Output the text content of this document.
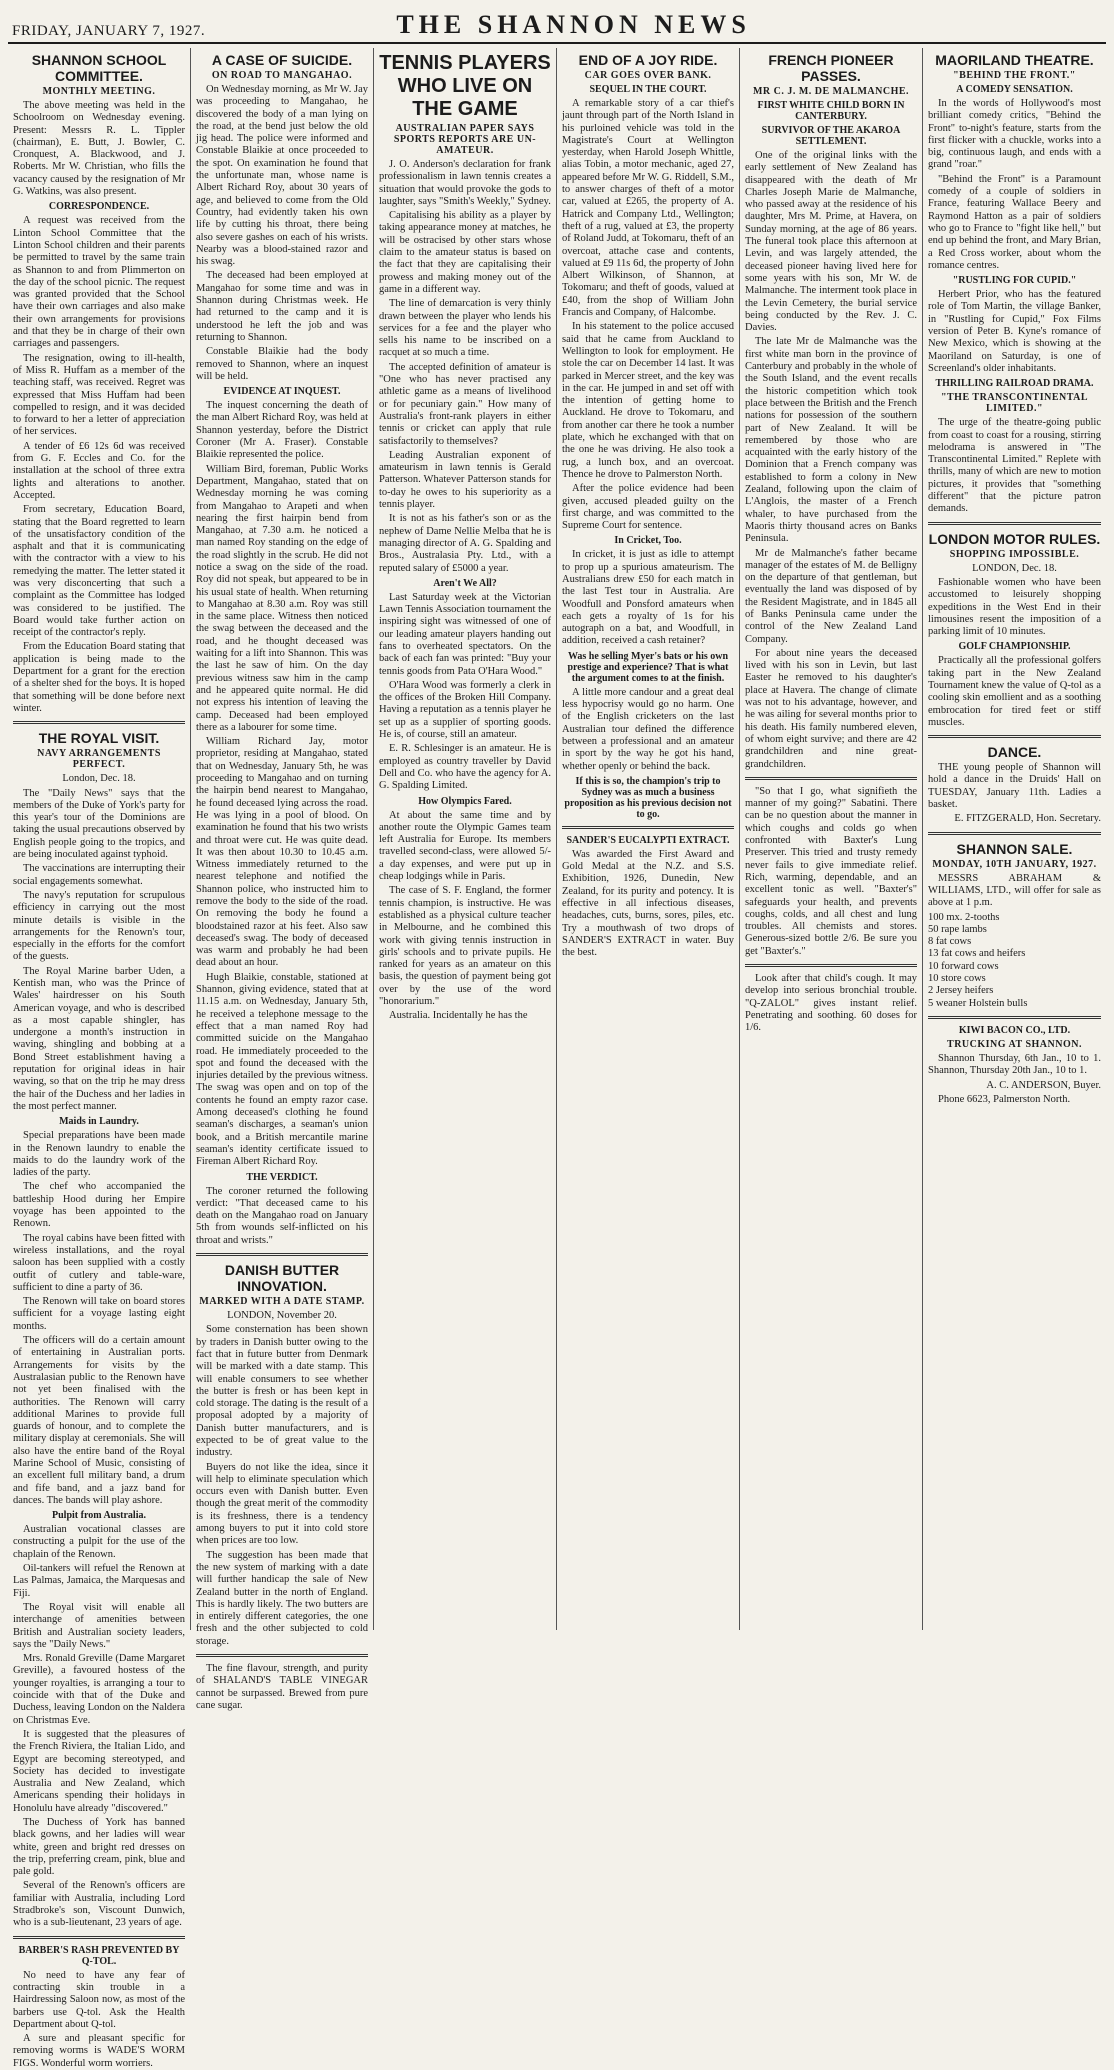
FRIDAY, JANUARY 7, 1927.	THE SHANNON NEWS
SHANNON SCHOOL COMMITTEE.
MONTHLY MEETING.

The above meeting was held in the Schoolroom on Wednesday evening. Present: Messrs R. L. Tippler (chairman), E. Butt, J. Bowler, C. Cronquest, A. Blackwood, and J. Roberts. Mr W. Christian, who fills the vacancy caused by the resignation of Mr G. Watkins, was also present.

CORRESPONDENCE.

A request was received from the Linton School Committee that the Linton School children and their parents be permitted to travel by the same train as Shannon to and from Plimmerton on the day of the school picnic. The request was granted provided that the School have their own carriages and also make their own arrangements for provisions and that they be in charge of their own carriages and passengers.

The resignation, owing to ill-health, of Miss R. Huffam as a member of the teaching staff, was received. Regret was expressed that Miss Huffam had been compelled to resign, and it was decided to forward to her a letter of appreciation of her services.

A tender of £6 12s 6d was received from G. F. Eccles and Co. for the installation at the school of three extra lights and alterations to another. Accepted.

From secretary, Education Board, stating that the Board regretted to learn of the unsatisfactory condition of the asphalt and that it is communicating with the contractor with a view to his remedying the matter. The letter stated it was very disconcerting that such a complaint as the Committee has lodged was considered to be justified. The Board would take further action on receipt of the contractor's reply.

From the Education Board stating that application is being made to the Department for a grant for the erection of a shelter shed for the boys. It is hoped that something will be done before next winter.

THE ROYAL VISIT.
NAVY ARRANGEMENTS PERFECT.

London, Dec. 18.

The "Daily News" says that the members of the Duke of York's party for this year's tour of the Dominions are taking the usual precautions observed by English people going to the tropics, and are being inoculated against typhoid.

The vaccinations are interrupting their social engagements somewhat.

The navy's reputation for scrupulous efficiency in carrying out the most minute details is visible in the arrangements for the Renown's tour, especially in the efforts for the comfort of the guests.

The Royal Marine barber Uden, a Kentish man, who was the Prince of Wales' hairdresser on his South American voyage, and who is described as a most capable shingler, has undergone a month's instruction in waving, shingling and bobbing at a Bond Street establishment having a reputation for original ideas in hair waving, so that on the trip he may dress the hair of the Duchess and her ladies in the most perfect manner.

Maids in Laundry.

Special preparations have been made in the Renown laundry to enable the maids to do the laundry work of the ladies of the party.

The chef who accompanied the battleship Hood during her Empire voyage has been appointed to the Renown.

The royal cabins have been fitted with wireless installations, and the royal saloon has been supplied with a costly outfit of cutlery and table-ware, sufficient to dine a party of 36.

The Renown will take on board stores sufficient for a voyage lasting eight months.

The officers will do a certain amount of entertaining in Australian ports. Arrangements for visits by the Australasian public to the Renown have not yet been finalised with the authorities. The Renown will carry additional Marines to provide full guards of honour, and to complete the military display at ceremonials. She will also have the entire band of the Royal Marine School of Music, consisting of an excellent full military band, a drum and fife band, and a jazz band for dances. The bands will play ashore.

Pulpit from Australia.

Australian vocational classes are constructing a pulpit for the use of the chaplain of the Renown.

Oil-tankers will refuel the Renown at Las Palmas, Jamaica, the Marquesas and Fiji.

The Royal visit will enable all interchange of amenities between British and Australian society leaders, says the "Daily News."

Mrs. Ronald Greville (Dame Margaret Greville), a favoured hostess of the younger royalties, is arranging a tour to coincide with that of the Duke and Duchess, leaving London on the Naldera on Christmas Eve.

It is suggested that the pleasures of the French Riviera, the Italian Lido, and Egypt are becoming stereotyped, and Society has decided to investigate Australia and New Zealand, which Americans spending their holidays in Honolulu have already "discovered."

The Duchess of York has banned black gowns, and her ladies will wear white, green and bright red dresses on the trip, preferring cream, pink, blue and pale gold.

Several of the Renown's officers are familiar with Australia, including Lord Stradbroke's son, Viscount Dunwich, who is a sub-lieutenant, 23 years of age.

BARBER'S RASH PREVENTED BY Q-TOL.

No need to have any fear of contracting skin trouble in a Hairdressing Saloon now, as most of the barbers use Q-tol. Ask the Health Department about Q-tol.

A sure and pleasant specific for removing worms is WADE'S WORM FIGS. Wonderful worm worriers.

A CASE OF SUICIDE.
ON ROAD TO MANGAHAO.

On Wednesday morning, as Mr W. Jay was proceeding to Mangahao, he discovered the body of a man lying on the road, at the bend just below the old jig head. The police were informed and Constable Blaikie at once proceeded to the spot. On examination he found that the unfortunate man, whose name is Albert Richard Roy, about 30 years of age, and believed to come from the Old Country, had evidently taken his own life by cutting his throat, there being also severe gashes on each of his wrists. Nearby was a blood-stained razor and his swag.

The deceased had been employed at Mangahao for some time and was in Shannon during Christmas week. He had returned to the camp and it is understood he left the job and was returning to Shannon.

Constable Blaikie had the body removed to Shannon, where an inquest will be held.

EVIDENCE AT INQUEST.

The inquest concerning the death of the man Albert Richard Roy, was held at Shannon yesterday, before the District Coroner (Mr A. Fraser). Constable Blaikie represented the police.

William Bird, foreman, Public Works Department, Mangahao, stated that on Wednesday morning he was coming from Mangahao to Arapeti and when nearing the first hairpin bend from Mangahao, at 7.30 a.m. he noticed a man named Roy standing on the edge of the road slightly in the scrub. He did not notice a swag on the side of the road. Roy did not speak, but appeared to be in his usual state of health. When returning to Mangahao at 8.30 a.m. Roy was still in the same place. Witness then noticed the swag between the deceased and the road, and he thought deceased was waiting for a lift into Shannon. This was the last he saw of him. On the day previous witness saw him in the camp and he appeared quite normal. He did not express his intention of leaving the camp. Deceased had been employed there as a labourer for some time.

William Richard Jay, motor proprietor, residing at Mangahao, stated that on Wednesday, January 5th, he was proceeding to Mangahao and on turning the hairpin bend nearest to Mangahao, he found deceased lying across the road. He was lying in a pool of blood. On examination he found that his two wrists and throat were cut. He was quite dead. It was then about 10.30 to 10.45 a.m. Witness immediately returned to the nearest telephone and notified the Shannon police, who instructed him to remove the body to the side of the road. On removing the body he found a bloodstained razor at his feet. Also saw deceased's swag. The body of deceased was warm and probably he had been dead about an hour.

Hugh Blaikie, constable, stationed at Shannon, giving evidence, stated that at 11.15 a.m. on Wednesday, January 5th, he received a telephone message to the effect that a man named Roy had committed suicide on the Mangahao road. He immediately proceeded to the spot and found the deceased with the injuries detailed by the previous witness. The swag was open and on top of the contents he found an empty razor case. Among deceased's clothing he found seaman's discharges, a seaman's union book, and a British mercantile marine seaman's identity certificate issued to Fireman Albert Richard Roy.

THE VERDICT.

The coroner returned the following verdict: "That deceased came to his death on the Mangahao road on January 5th from wounds self-inflicted on his throat and wrists."

DANISH BUTTER INNOVATION.
MARKED WITH A DATE STAMP.

LONDON, November 20.

Some consternation has been shown by traders in Danish butter owing to the fact that in future butter from Denmark will be marked with a date stamp. This will enable consumers to see whether the butter is fresh or has been kept in cold storage. The dating is the result of a proposal adopted by a majority of Danish butter manufacturers, and is expected to be of great value to the industry.

Buyers do not like the idea, since it will help to eliminate speculation which occurs even with Danish butter. Even though the great merit of the commodity is its freshness, there is a tendency among buyers to put it into cold store when prices are too low.

The suggestion has been made that the new system of marking with a date will further handicap the sale of New Zealand butter in the north of England. This is hardly likely. The two butters are in entirely different categories, the one fresh and the other subjected to cold storage.

The fine flavour, strength, and purity of SHALAND'S TABLE VINEGAR cannot be surpassed. Brewed from pure cane sugar.

TENNIS PLAYERS WHO LIVE ON THE GAME
AUSTRALIAN PAPER SAYS SPORTS REPORTS ARE UN-AMATEUR.

J. O. Anderson's declaration for frank professionalism in lawn tennis creates a situation that would provoke the gods to laughter, says "Smith's Weekly," Sydney.

Capitalising his ability as a player by taking appearance money at matches, he will be ostracised by other stars whose claim to the amateur status is based on the fact that they are capitalising their prowess and making money out of the game in a different way.

The line of demarcation is very thinly drawn between the player who lends his services for a fee and the player who sells his name to be inscribed on a racquet at so much a time.

The accepted definition of amateur is "One who has never practised any athletic game as a means of livelihood or for pecuniary gain." How many of Australia's front-rank players in either tennis or cricket can apply that rule satisfactorily to themselves?

Leading Australian exponent of amateurism in lawn tennis is Gerald Patterson. Whatever Patterson stands for to-day he owes to his superiority as a tennis player.

It is not as his father's son or as the nephew of Dame Nellie Melba that he is managing director of A. G. Spalding and Bros., Australasia Pty. Ltd., with a reputed salary of £5000 a year.

Aren't We All?

Last Saturday week at the Victorian Lawn Tennis Association tournament the inspiring sight was witnessed of one of our leading amateur players handing out fans to overheated spectators. On the back of each fan was printed: "Buy your tennis goods from Pata O'Hara Wood."

O'Hara Wood was formerly a clerk in the offices of the Broken Hill Company. Having a reputation as a tennis player he set up as a supplier of sporting goods. He is, of course, still an amateur.

E. R. Schlesinger is an amateur. He is employed as country traveller by David Dell and Co. who have the agency for A. G. Spalding Limited.

How Olympics Fared.

At about the same time and by another route the Olympic Games team left Australia for Europe. Its members travelled second-class, were allowed 5/- a day expenses, and were put up in cheap lodgings while in Paris.

The case of S. F. England, the former tennis champion, is instructive. He was established as a physical culture teacher in Melbourne, and he combined this work with giving tennis instruction in girls' schools and to private pupils. He ranked for years as an amateur on this basis, the question of payment being got over by the use of the word "honorarium."

Australia. Incidentally he has the

END OF A JOY RIDE.
CAR GOES OVER BANK.
SEQUEL IN THE COURT.

A remarkable story of a car thief's jaunt through part of the North Island in his purloined vehicle was told in the Magistrate's Court at Wellington yesterday, when Harold Joseph Whittle, alias Tobin, a motor mechanic, aged 27, appeared before Mr W. G. Riddell, S.M., to answer charges of theft of a motor car, valued at £265, the property of A. Hatrick and Company Ltd., Wellington; theft of a rug, valued at £3, the property of Roland Judd, at Tokomaru, theft of an overcoat, attache case and contents, valued at £9 11s 6d, the property of John Albert Wilkinson, of Shannon, at Tokomaru; and theft of goods, valued at £40, from the shop of William John Francis and Company, of Halcombe.

In his statement to the police accused said that he came from Auckland to Wellington to look for employment. He stole the car on December 14 last. It was parked in Mercer street, and the key was in the car. He jumped in and set off with the intention of getting home to Auckland. He drove to Tokomaru, and from another car there he took a number plate, which he exchanged with that on the one he was driving. He also took a rug, a lunch box, and an overcoat. Thence he drove to Palmerston North.

After the police evidence had been given, accused pleaded guilty on the first charge, and was committed to the Supreme Court for sentence.

In Cricket, Too.

In cricket, it is just as idle to attempt to prop up a spurious amateurism. The Australians drew £50 for each match in the last Test tour in Australia. Are Woodfull and Ponsford amateurs when each gets a royalty of 1s for his autograph on a bat, and Woodfull, in addition, received a cash retainer?

Was he selling Myer's bats or his own prestige and experience? That is what the argument comes to at the finish.

A little more candour and a great deal less hypocrisy would go no harm. One of the English cricketers on the last Australian tour defined the difference between a professional and an amateur in sport by the way he got his hand, whether openly or behind the back.

If this is so, the champion's trip to Sydney was as much a business proposition as his previous decision not to go.
SANDER'S EUCALYPTI EXTRACT.

Was awarded the First Award and Gold Medal at the N.Z. and S.S. Exhibition, 1926, Dunedin, New Zealand, for its purity and potency. It is effective in all infectious diseases, headaches, cuts, burns, sores, piles, etc. Try a mouthwash of two drops of SANDER'S EXTRACT in water. Buy the best.

FRENCH PIONEER PASSES.
MR C. J. M. DE MALMANCHE.
FIRST WHITE CHILD BORN IN CANTERBURY.
SURVIVOR OF THE AKAROA SETTLEMENT.

One of the original links with the early settlement of New Zealand has disappeared with the death of Mr Charles Joseph Marie de Malmanche, who passed away at the residence of his daughter, Mrs M. Prime, at Havera, on Sunday morning, at the age of 86 years. The funeral took place this afternoon at Levin, and was largely attended, the deceased pioneer having lived here for some years with his son, Mr W. de Malmanche. The interment took place in the Levin Cemetery, the burial service being conducted by the Rev. J. C. Davies.

The late Mr de Malmanche was the first white man born in the province of Canterbury and probably in the whole of the South Island, and the event recalls the historic competition which took place between the British and the French nations for possession of the southern part of New Zealand. It will be remembered by those who are acquainted with the early history of the Dominion that a French company was established to form a colony in New Zealand, following upon the claim of L'Anglois, the master of a French whaler, to have purchased from the Maoris thirty thousand acres on Banks Peninsula.

Mr de Malmanche's father became manager of the estates of M. de Belligny on the departure of that gentleman, but eventually the land was disposed of by the Resident Magistrate, and in 1845 all of Banks Peninsula came under the control of the New Zealand Land Company.

For about nine years the deceased lived with his son in Levin, but last Easter he removed to his daughter's place at Havera. The change of climate was not to his advantage, however, and he was ailing for several months prior to his death. His family numbered eleven, of whom eight survive; and there are 42 grandchildren and nine great-grandchildren.

"So that I go, what signifieth the manner of my going?" Sabatini. There can be no question about the manner in which coughs and colds go when confronted with Baxter's Lung Preserver. This tried and trusty remedy never fails to give immediate relief. Rich, warming, dependable, and an excellent tonic as well. "Baxter's" safeguards your health, and prevents coughs, colds, and all chest and lung troubles. All chemists and stores. Generous-sized bottle 2/6. Be sure you get "Baxter's."

Look after that child's cough. It may develop into serious bronchial trouble. "Q-ZALOL" gives instant relief. Penetrating and soothing. 60 doses for 1/6.

MAORILAND THEATRE.
"BEHIND THE FRONT."
A COMEDY SENSATION.

In the words of Hollywood's most brilliant comedy critics, "Behind the Front" to-night's feature, starts from the first flicker with a chuckle, works into a big, continuous laugh, and ends with a grand "roar."

"Behind the Front" is a Paramount comedy of a couple of soldiers in France, featuring Wallace Beery and Raymond Hatton as a pair of soldiers who go to France to "fight like hell," but end up behind the front, and Mary Brian, a Red Cross worker, about whom the romance centres.

"RUSTLING FOR CUPID."

Herbert Prior, who has the featured role of Tom Martin, the village Banker, in "Rustling for Cupid," Fox Films version of Peter B. Kyne's romance of New Mexico, which is showing at the Maoriland on Saturday, is one of Screenland's older inhabitants.

THRILLING RAILROAD DRAMA.
"THE TRANSCONTINENTAL LIMITED."

The urge of the theatre-going public from coast to coast for a rousing, stirring melodrama is answered in "The Transcontinental Limited." Replete with thrills, many of which are new to motion pictures, it provides that "something different" that the picture patron demands.

LONDON MOTOR RULES.
SHOPPING IMPOSSIBLE.

LONDON, Dec. 18.

Fashionable women who have been accustomed to leisurely shopping expeditions in the West End in their limousines resent the imposition of a parking limit of 10 minutes.

GOLF CHAMPIONSHIP.

Practically all the professional golfers taking part in the New Zealand Tournament knew the value of Q-tol as a cooling skin emollient and as a soothing embrocation for tired feet or stiff muscles.

DANCE.

THE young people of Shannon will hold a dance in the Druids' Hall on TUESDAY, January 11th. Ladies a basket.

E. FITZGERALD, Hon. Secretary.

SHANNON SALE.
MONDAY, 10TH JANUARY, 1927.

MESSRS ABRAHAM & WILLIAMS, LTD., will offer for sale as above at 1 p.m.

100 mx. 2-tooths

50 rape lambs

8 fat cows

13 fat cows and heifers

10 forward cows

10 store cows

2 Jersey heifers

5 weaner Holstein bulls

KIWI BACON CO., LTD.
TRUCKING AT SHANNON.

Shannon Thursday, 6th Jan., 10 to 1. Shannon, Thursday 20th Jan., 10 to 1.

A. C. ANDERSON, Buyer.

Phone 6623, Palmerston North.
